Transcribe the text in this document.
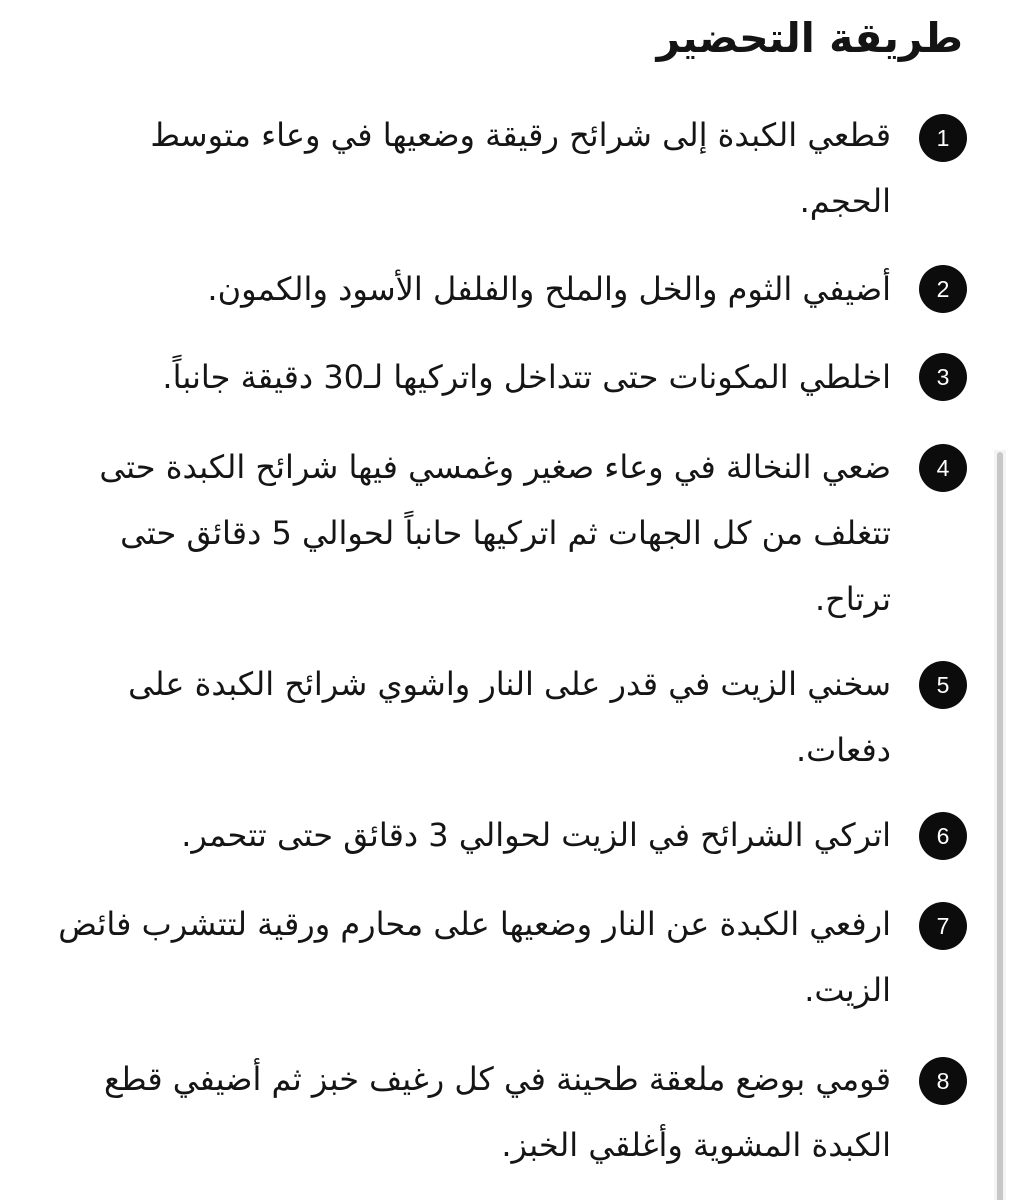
طريقة التحضير
1

قطعي الكبدة إلى شرائح رقيقة وضعيها في وعاء متوسط الحجم.

2

أضيفي الثوم والخل والملح والفلفل الأسود والكمون.

3

اخلطي المكونات حتى تتداخل واتركيها لـ30 دقيقة جانباً.

4

ضعي النخالة في وعاء صغير وغمسي فيها شرائح الكبدة حتى تتغلف من كل الجهات ثم اتركيها حانباً لحوالي 5 دقائق حتى ترتاح.

5

سخني الزيت في قدر على النار واشوي شرائح الكبدة على دفعات.

6

اتركي الشرائح في الزيت لحوالي 3 دقائق حتى تتحمر.

7

ارفعي الكبدة عن النار وضعيها على محارم ورقية لتتشرب فائض الزيت.

8

قومي بوضع ملعقة طحينة في كل رغيف خبز ثم أضيفي قطع الكبدة المشوية وأغلقي الخبز.
